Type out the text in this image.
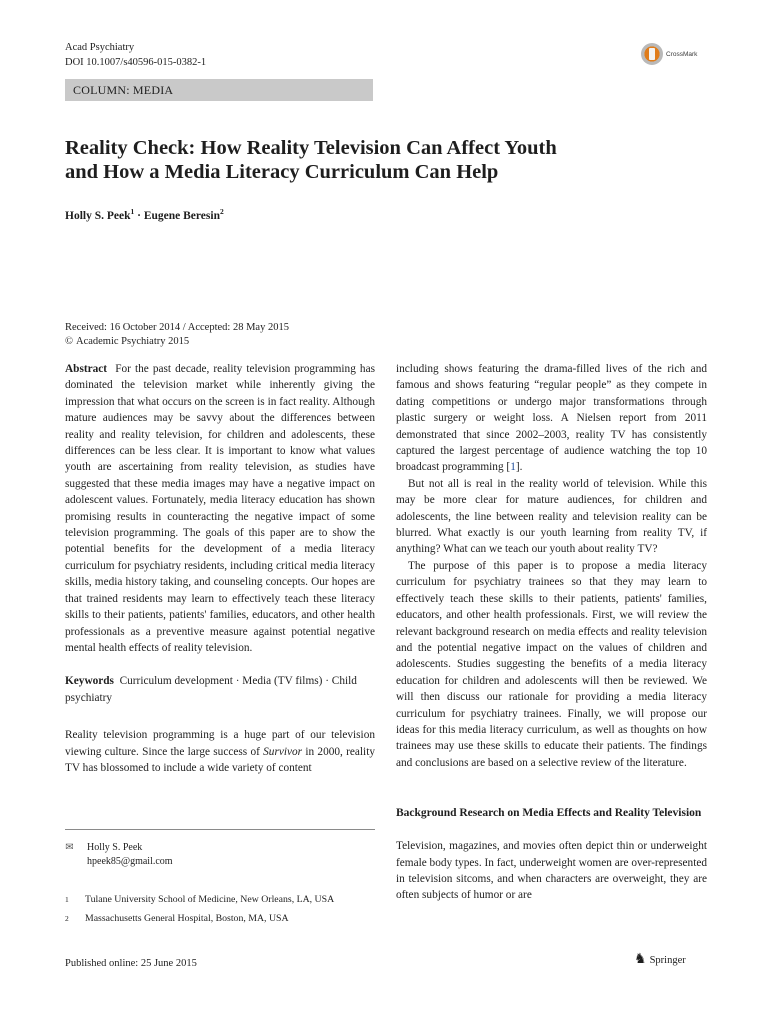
Acad Psychiatry
DOI 10.1007/s40596-015-0382-1
CrossMark
COLUMN: MEDIA
Reality Check: How Reality Television Can Affect Youth
and How a Media Literacy Curriculum Can Help
Holly S. Peek$^1$ · Eugene Beresin$^2$
Received: 16 October 2014 / Accepted: 28 May 2015
© Academic Psychiatry 2015

Abstract For the past decade, reality television programming has dominated the television market while inherently giving the impression that what occurs on the screen is in fact reality. Although mature audiences may be savvy about the differences between reality and reality television, for children and adolescents, these differences can be less clear. It is important to know what values youth are ascertaining from reality television, as studies have suggested that these media images may have a negative impact on adolescent values. Fortunately, media literacy education has shown promising results in counteracting the negative impact of some television programming. The goals of this paper are to show the potential benefits for the development of a media literacy curriculum for psychiatry residents, including critical media literacy skills, media history taking, and counseling concepts. Our hopes are that trained residents may learn to effectively teach these literacy skills to their patients, patients' families, educators, and other health professionals as a preventive measure against potential negative mental health effects of reality television.

Keywords Curriculum development · Media (TV films) · Child psychiatry

Reality television programming is a huge part of our television viewing culture. Since the large success of Survivor in 2000, reality TV has blossomed to include a wide variety of content

✉ Holly S. Peek
hpeek85@gmail.com
1	Tulane University School of Medicine, New Orleans, LA, USA
2	Massachusetts General Hospital, Boston, MA, USA

including shows featuring the drama-filled lives of the rich and famous and shows featuring “regular people” as they compete in dating competitions or undergo major transformations through plastic surgery or weight loss. A Nielsen report from 2011 demonstrated that since 2002–2003, reality TV has consistently captured the largest percentage of audience watching the top 10 broadcast programming [1].

But not all is real in the reality world of television. While this may be more clear for mature audiences, for children and adolescents, the line between reality and television reality can be blurred. What exactly is our youth learning from reality TV, if anything? What can we teach our youth about reality TV?

The purpose of this paper is to propose a media literacy curriculum for psychiatry trainees so that they may learn to effectively teach these skills to their patients, patients' families, educators, and other health professionals. First, we will review the relevant background research on media effects and reality television and the potential negative impact on the values of children and adolescents. Studies suggesting the benefits of a media literacy education for children and adolescents will then be reviewed. We will then discuss our rationale for providing a media literacy curriculum for psychiatry trainees. Finally, we will propose our ideas for this media literacy curriculum, as well as thoughts on how trainees may use these skills to educate their patients. The findings and conclusions are based on a selective review of the literature.

Background Research on Media Effects and Reality Television

Television, magazines, and movies often depict thin or underweight female body types. In fact, underweight women are over-represented in television sitcoms, and when characters are overweight, they are often subjects of humor or are

Published online: 25 June 2015	♞ Springer
